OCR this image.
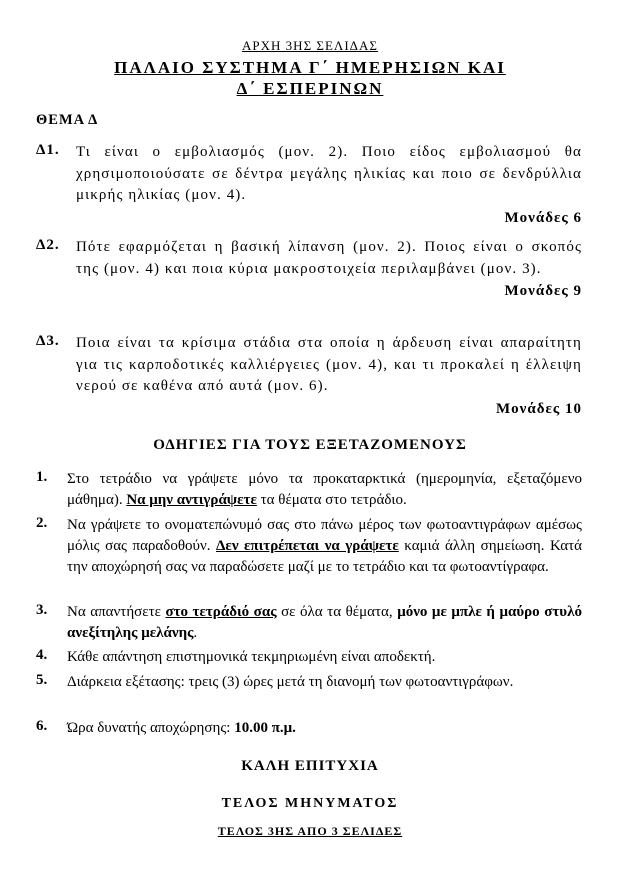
ΑΡΧΗ 3ΗΣ ΣΕΛΙΔΑΣ
ΠΑΛΑΙΟ ΣΥΣΤΗΜΑ Γ΄ ΗΜΕΡΗΣΙΩΝ ΚΑΙ
Δ΄ ΕΣΠΕΡΙΝΩΝ
ΘΕΜΑ Δ
Δ1. Τι είναι ο εμβολιασμός (μον. 2). Ποιο είδος εμβολιασμού θα χρησιμοποιούσατε σε δέντρα μεγάλης ηλικίας και ποιο σε δενδρύλλια μικρής ηλικίας (μον. 4).
Μονάδες 6
Δ2. Πότε εφαρμόζεται η βασική λίπανση (μον. 2). Ποιος είναι ο σκοπός της (μον. 4) και ποια κύρια μακροστοιχεία περιλαμβάνει (μον. 3).
Μονάδες 9
Δ3. Ποια είναι τα κρίσιμα στάδια στα οποία η άρδευση είναι απαραίτητη για τις καρποδοτικές καλλιέργειες (μον. 4), και τι προκαλεί η έλλειψη νερού σε καθένα από αυτά (μον. 6).
Μονάδες 10
ΟΔΗΓΙΕΣ ΓΙΑ ΤΟΥΣ ΕΞΕΤΑΖΟΜΕΝΟΥΣ
1. Στο τετράδιο να γράψετε μόνο τα προκαταρκτικά (ημερομηνία, εξεταζόμενο μάθημα). Να μην αντιγράψετε τα θέματα στο τετράδιο.
2. Να γράψετε το ονοματεπώνυμό σας στο πάνω μέρος των φωτοαντιγράφων αμέσως μόλις σας παραδοθούν. Δεν επιτρέπεται να γράψετε καμιά άλλη σημείωση. Κατά την αποχώρησή σας να παραδώσετε μαζί με το τετράδιο και τα φωτοαντίγραφα.
3. Να απαντήσετε στο τετράδιό σας σε όλα τα θέματα, μόνο με μπλε ή μαύρο στυλό ανεξίτηλης μελάνης.
4. Κάθε απάντηση επιστημονικά τεκμηριωμένη είναι αποδεκτή.
5. Διάρκεια εξέτασης: τρεις (3) ώρες μετά τη διανομή των φωτοαντιγράφων.
6. Ώρα δυνατής αποχώρησης: 10.00 π.μ.
ΚΑΛΗ ΕΠΙΤΥΧΙΑ
ΤΕΛΟΣ ΜΗΝΥΜΑΤΟΣ
ΤΕΛΟΣ 3ΗΣ ΑΠΟ 3 ΣΕΛΙΔΕΣ
